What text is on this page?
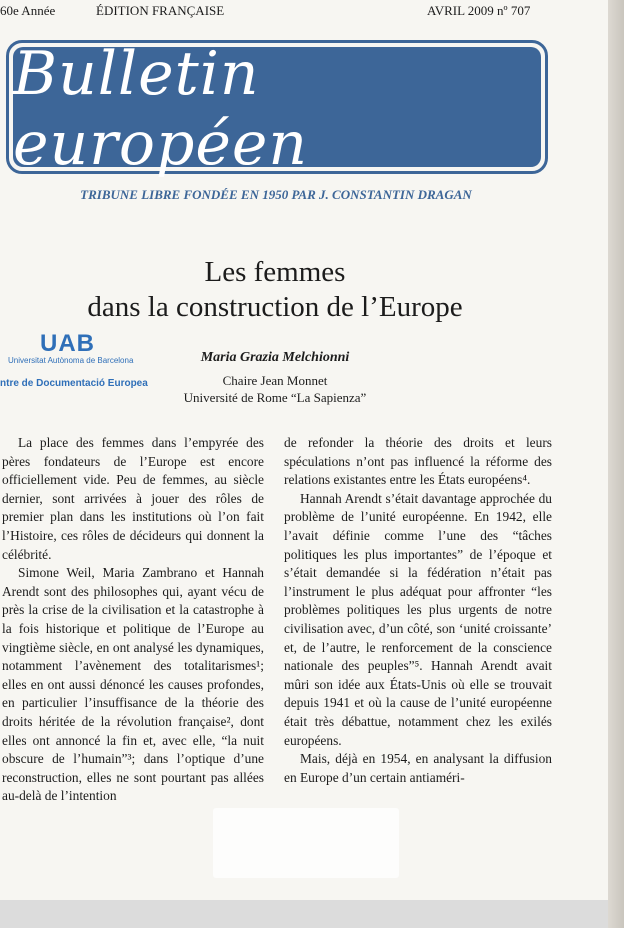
60e Année	ÉDITION FRANÇAISE	AVRIL 2009 nº 707
Bulletin européen
TRIBUNE LIBRE FONDÉE EN 1950 PAR J. CONSTANTIN DRAGAN
Les femmes
dans la construction de l’Europe
UAB
Universitat Autònoma de Barcelona
ntre de Documentació Europea
Maria Grazia Melchionni
Chaire Jean Monnet
Université de Rome “La Sapienza”

La place des femmes dans l’empyrée des pères fondateurs de l’Europe est encore officiellement vide. Peu de femmes, au siècle dernier, sont arrivées à jouer des rôles de premier plan dans les institutions où l’on fait l’Histoire, ces rôles de décideurs qui donnent la célébrité.

Simone Weil, Maria Zambrano et Hannah Arendt sont des philosophes qui, ayant vécu de près la crise de la civilisation et la catastrophe à la fois historique et politique de l’Europe au vingtième siècle, en ont analysé les dynamiques, notamment l’avènement des totalitarismes¹; elles en ont aussi dénoncé les causes profondes, en particulier l’insuffisance de la théorie des droits héritée de la révolution française², dont elles ont annoncé la fin et, avec elle, “la nuit obscure de l’humain”³; dans l’optique d’une reconstruction, elles ne sont pourtant pas allées au-delà de l’intention

de refonder la théorie des droits et leurs spéculations n’ont pas influencé la réforme des relations existantes entre les États européens⁴.

Hannah Arendt s’était davantage approchée du problème de l’unité européenne. En 1942, elle l’avait définie comme l’une des “tâches politiques les plus importantes” de l’époque et s’était demandée si la fédération n’était pas l’instrument le plus adéquat pour affronter “les problèmes politiques les plus urgents de notre civilisation avec, d’un côté, son ‘unité croissante’ et, de l’autre, le renforcement de la conscience nationale des peuples”⁵. Hannah Arendt avait mûri son idée aux États-Unis où elle se trouvait depuis 1941 et où la cause de l’unité européenne était très débattue, notamment chez les exilés européens.

Mais, déjà en 1954, en analysant la diffusion en Europe d’un certain antiaméri-
